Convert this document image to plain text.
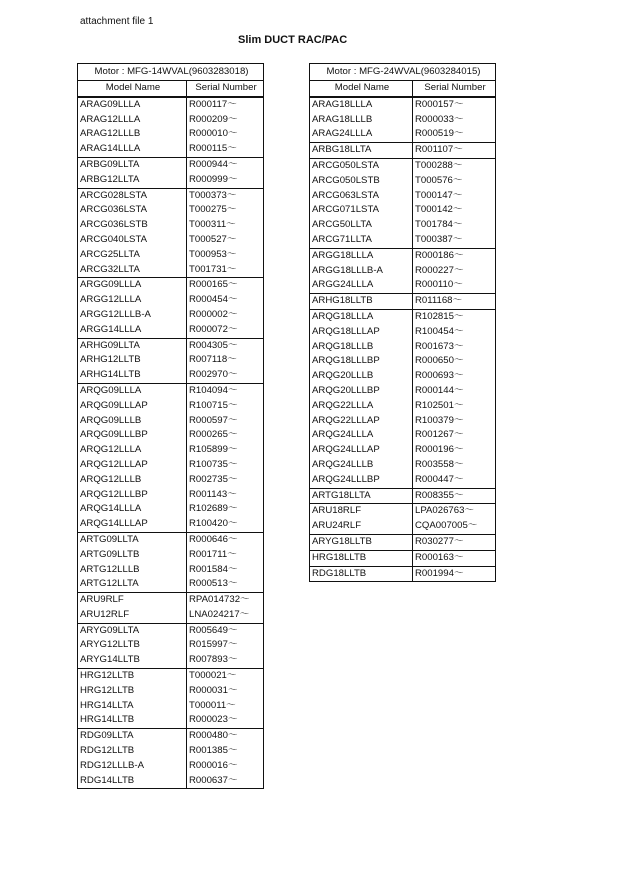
attachment file 1
Slim DUCT RAC/PAC
Motor : MFG-14WVAL(9603283018)	
Model Name	Serial Number
ARAG09LLLA	R000117～
ARAG12LLLA	R000209～
ARAG12LLLB	R000010～
ARAG14LLLA	R000115～
ARBG09LLTA	R000944～
ARBG12LLTA	R000999～
ARCG028LSTA	T000373～
ARCG036LSTA	T000275～
ARCG036LSTB	T000311～
ARCG040LSTA	T000527～
ARCG25LLTA	T000953～
ARCG32LLTA	T001731～
ARGG09LLLA	R000165～
ARGG12LLLA	R000454～
ARGG12LLLB-A	R000002～
ARGG14LLLA	R000072～
ARHG09LLTA	R004305～
ARHG12LLTB	R007118～
ARHG14LLTB	R002970～
ARQG09LLLA	R104094～
ARQG09LLLAP	R100715～
ARQG09LLLB	R000597～
ARQG09LLLBP	R000265～
ARQG12LLLA	R105899～
ARQG12LLLAP	R100735～
ARQG12LLLB	R002735～
ARQG12LLLBP	R001143～
ARQG14LLLA	R102689～
ARQG14LLLAP	R100420～
ARTG09LLTA	R000646～
ARTG09LLTB	R001711～
ARTG12LLLB	R001584～
ARTG12LLTA	R000513～
ARU9RLF	RPA014732～
ARU12RLF	LNA024217～
ARYG09LLTA	R005649～
ARYG12LLTB	R015997～
ARYG14LLTB	R007893～
HRG12LLTB	T000021～
HRG12LLTB	R000031～
HRG14LLTA	T000011～
HRG14LLTB	R000023～
RDG09LLTA	R000480～
RDG12LLTB	R001385～
RDG12LLLB-A	R000016～
RDG14LLTB	R000637～
Motor : MFG-24WVAL(9603284015)	
Model Name	Serial Number
ARAG18LLLA	R000157～
ARAG18LLLB	R000033～
ARAG24LLLA	R000519～
ARBG18LLTA	R001107～
ARCG050LSTA	T000288～
ARCG050LSTB	T000576～
ARCG063LSTA	T000147～
ARCG071LSTA	T000142～
ARCG50LLTA	T001784～
ARCG71LLTA	T000387～
ARGG18LLLA	R000186～
ARGG18LLLB-A	R000227～
ARGG24LLLA	R000110～
ARHG18LLTB	R011168～
ARQG18LLLA	R102815～
ARQG18LLLAP	R100454～
ARQG18LLLB	R001673～
ARQG18LLLBP	R000650～
ARQG20LLLB	R000693～
ARQG20LLLBP	R000144～
ARQG22LLLA	R102501～
ARQG22LLLAP	R100379～
ARQG24LLLA	R001267～
ARQG24LLLAP	R000196～
ARQG24LLLB	R003558～
ARQG24LLLBP	R000447～
ARTG18LLTA	R008355～
ARU18RLF	LPA026763～
ARU24RLF	CQA007005～
ARYG18LLTB	R030277～
HRG18LLTB	R000163～
RDG18LLTB	R001994～
